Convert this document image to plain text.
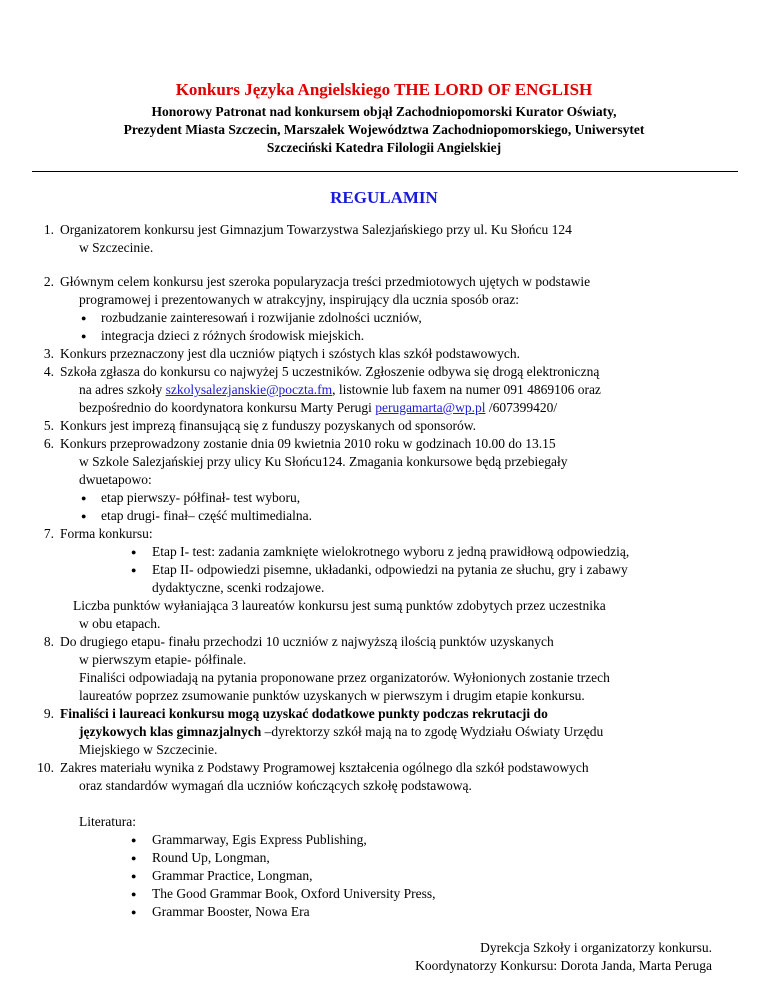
Konkurs Języka Angielskiego THE LORD OF ENGLISH
Honorowy Patronat nad konkursem objął Zachodniopomorski Kurator Oświaty,
Prezydent Miasta Szczecin, Marszałek Województwa Zachodniopomorskiego, Uniwersytet
Szczeciński Katedra Filologii Angielskiej
REGULAMIN
1. Organizatorem konkursu jest Gimnazjum Towarzystwa Salezjańskiego przy ul. Ku Słońcu 124
w Szczecinie.
2. Głównym celem konkursu jest szeroka popularyzacja treści przedmiotowych ujętych w podstawie
programowej i prezentowanych w atrakcyjny, inspirujący dla ucznia sposób oraz:
● rozbudzanie zainteresowań i rozwijanie zdolności uczniów,
● integracja dzieci z różnych środowisk miejskich.
3. Konkurs przeznaczony jest dla uczniów piątych i szóstych klas szkół podstawowych.
4. Szkoła zgłasza do konkursu co najwyżej 5 uczestników. Zgłoszenie odbywa się drogą elektroniczną
na adres szkoły szkolysalezjanskie@poczta.fm, listownie lub faxem na numer 091 4869106 oraz
bezpośrednio do koordynatora konkursu Marty Perugi perugamarta@wp.pl /607399420/
5. Konkurs jest imprezą finansującą się z funduszy pozyskanych od sponsorów.
6. Konkurs przeprowadzony zostanie dnia 09 kwietnia 2010 roku w godzinach 10.00 do 13.15
w Szkole Salezjańskiej przy ulicy Ku Słońcu124. Zmagania konkursowe będą przebiegały
dwuetapowo:
● etap pierwszy- półfinał- test wyboru,
● etap drugi- finał– część multimedialna.
7. Forma konkursu:
● Etap I- test: zadania zamknięte wielokrotnego wyboru z jedną prawidłową odpowiedzią,
● Etap II- odpowiedzi pisemne, układanki, odpowiedzi na pytania ze słuchu, gry i zabawy
dydaktyczne, scenki rodzajowe.
Liczba punktów wyłaniająca 3 laureatów konkursu jest sumą punktów zdobytych przez uczestnika
w obu etapach.
8. Do drugiego etapu- finału przechodzi 10 uczniów z najwyższą ilością punktów uzyskanych
w pierwszym etapie- półfinale.
Finaliści odpowiadają na pytania proponowane przez organizatorów. Wyłonionych zostanie trzech
laureatów poprzez zsumowanie punktów uzyskanych w pierwszym i drugim etapie konkursu.
9. Finaliści i laureaci konkursu mogą uzyskać dodatkowe punkty podczas rekrutacji do
językowych klas gimnazjalnych –dyrektorzy szkół mają na to zgodę Wydziału Oświaty Urzędu
Miejskiego w Szczecinie.
10. Zakres materiału wynika z Podstawy Programowej kształcenia ogólnego dla szkół podstawowych
oraz standardów wymagań dla uczniów kończących szkołę podstawową.
Literatura:
● Grammarway, Egis Express Publishing,
● Round Up, Longman,
● Grammar Practice, Longman,
● The Good Grammar Book, Oxford University Press,
● Grammar Booster, Nowa Era
Dyrekcja Szkoły i organizatorzy konkursu.
Koordynatorzy Konkursu: Dorota Janda, Marta Peruga
